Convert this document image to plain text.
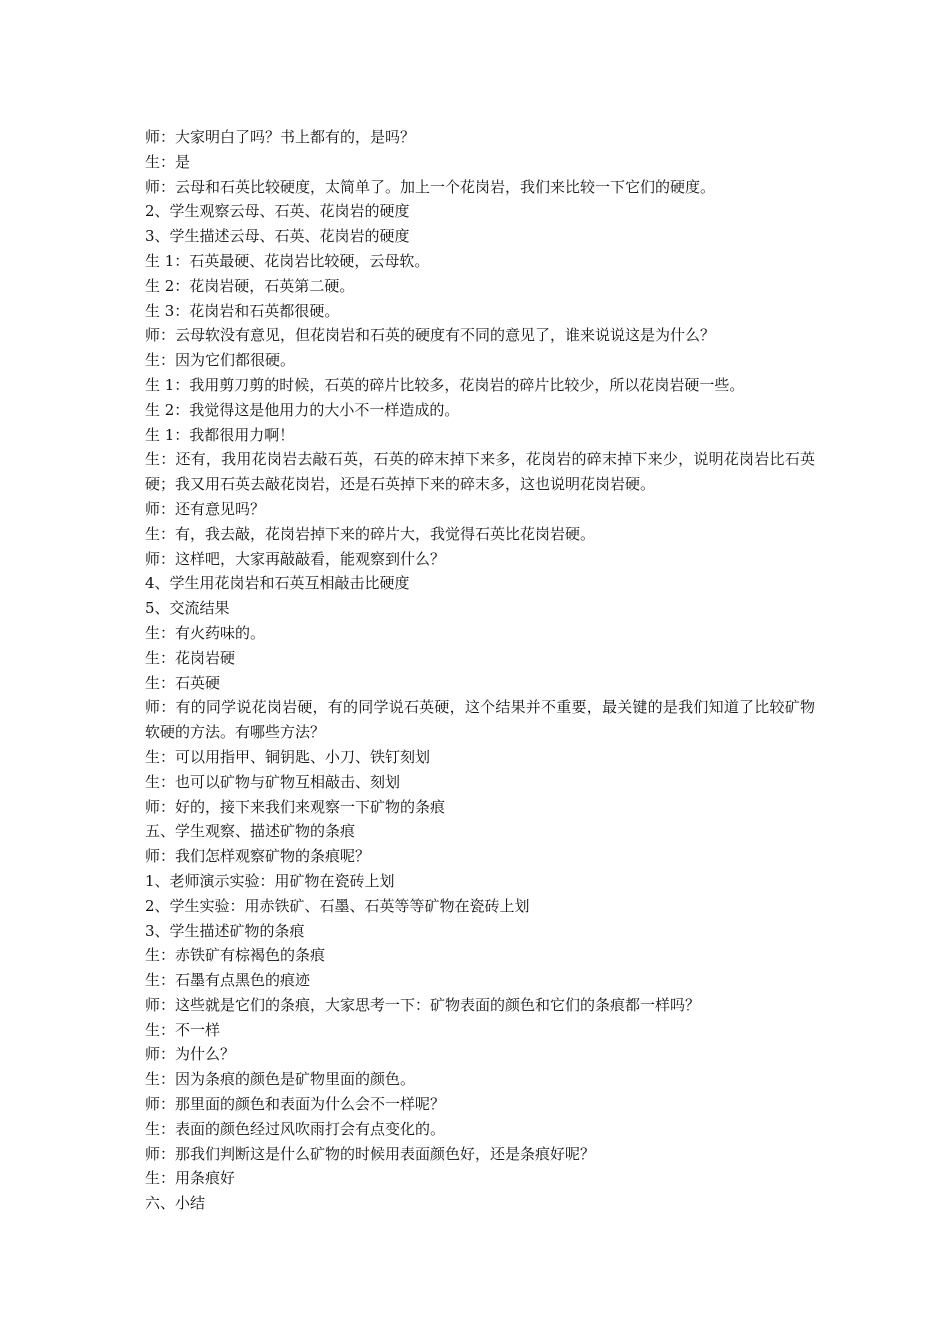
师：大家明白了吗？书上都有的，是吗？

生：是

师：云母和石英比较硬度，太简单了。加上一个花岗岩，我们来比较一下它们的硬度。

2、学生观察云母、石英、花岗岩的硬度

3、学生描述云母、石英、花岗岩的硬度

生 1：石英最硬、花岗岩比较硬，云母软。

生 2：花岗岩硬，石英第二硬。

生 3：花岗岩和石英都很硬。

师：云母软没有意见，但花岗岩和石英的硬度有不同的意见了，谁来说说这是为什么？

生：因为它们都很硬。

生 1：我用剪刀剪的时候，石英的碎片比较多，花岗岩的碎片比较少，所以花岗岩硬一些。

生 2：我觉得这是他用力的大小不一样造成的。

生 1：我都很用力啊！

生：还有，我用花岗岩去敲石英，石英的碎末掉下来多，花岗岩的碎末掉下来少，说明花岗岩比石英硬；我又用石英去敲花岗岩，还是石英掉下来的碎末多，这也说明花岗岩硬。

师：还有意见吗？

生：有，我去敲，花岗岩掉下来的碎片大，我觉得石英比花岗岩硬。

师：这样吧，大家再敲敲看，能观察到什么？

4、学生用花岗岩和石英互相敲击比硬度

5、交流结果

生：有火药味的。

生：花岗岩硬

生：石英硬

师：有的同学说花岗岩硬，有的同学说石英硬，这个结果并不重要，最关键的是我们知道了比较矿物软硬的方法。有哪些方法？

生：可以用指甲、铜钥匙、小刀、铁钉刻划

生：也可以矿物与矿物互相敲击、刻划

师：好的，接下来我们来观察一下矿物的条痕

五、学生观察、描述矿物的条痕

师：我们怎样观察矿物的条痕呢？

1、老师演示实验：用矿物在瓷砖上划

2、学生实验：用赤铁矿、石墨、石英等等矿物在瓷砖上划

3、学生描述矿物的条痕

生：赤铁矿有棕褐色的条痕

生：石墨有点黑色的痕迹

师：这些就是它们的条痕，大家思考一下：矿物表面的颜色和它们的条痕都一样吗？

生：不一样

师：为什么？

生：因为条痕的颜色是矿物里面的颜色。

师：那里面的颜色和表面为什么会不一样呢？

生：表面的颜色经过风吹雨打会有点变化的。

师：那我们判断这是什么矿物的时候用表面颜色好，还是条痕好呢？

生：用条痕好

六、小结
